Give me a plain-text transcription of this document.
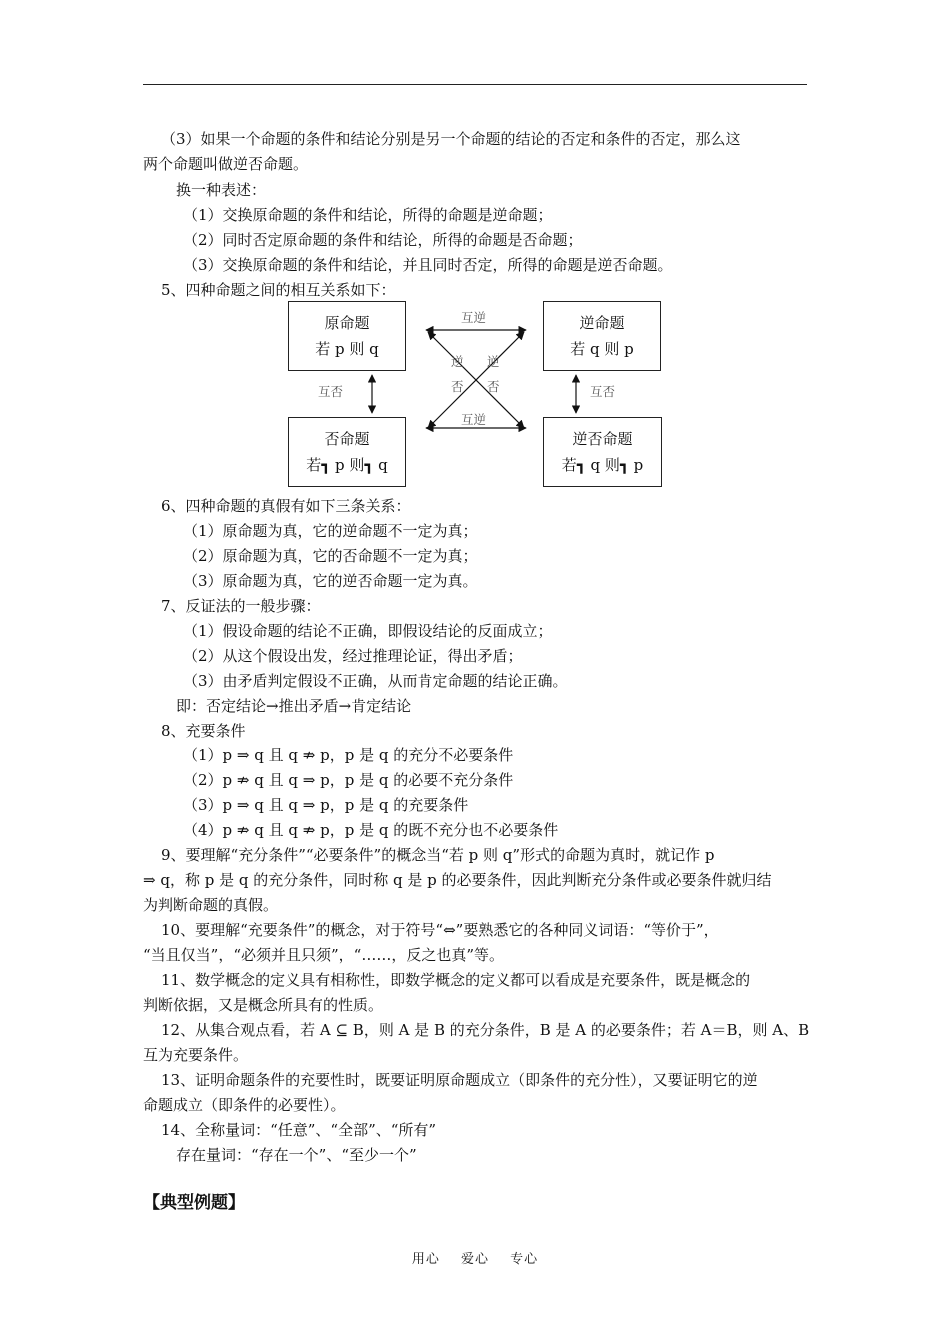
（3）如果一个命题的条件和结论分别是另一个命题的结论的否定和条件的否定，那么这
两个命题叫做逆否命题。
换一种表述：
（1）交换原命题的条件和结论，所得的命题是逆命题；
（2）同时否定原命题的条件和结论，所得的命题是否命题；
（3）交换原命题的条件和结论，并且同时否定，所得的命题是逆否命题。
5、四种命题之间的相互关系如下：
原命题
若 p 则 q
逆命题
若 q 则 p
否命题
若┓ p 则┓ q
逆否命题
若┓ q 则┓ p
互逆
互逆
互否	互否
逆 逆
否 否
6、四种命题的真假有如下三条关系：
（1）原命题为真，它的逆命题不一定为真；
（2）原命题为真，它的否命题不一定为真；
（3）原命题为真，它的逆否命题一定为真。
7、反证法的一般步骤：
（1）假设命题的结论不正确，即假设结论的反面成立；
（2）从这个假设出发，经过推理论证，得出矛盾；
（3）由矛盾判定假设不正确，从而肯定命题的结论正确。
即：否定结论→推出矛盾→肯定结论
8、充要条件
（1）p ⇒ q 且 q ⇏ p，p 是 q 的充分不必要条件
（2）p ⇏ q 且 q ⇒ p，p 是 q 的必要不充分条件
（3）p ⇒ q 且 q ⇒ p，p 是 q 的充要条件
（4）p ⇏ q 且 q ⇏ p，p 是 q 的既不充分也不必要条件
9、要理解“充分条件”“必要条件”的概念当“若 p 则 q”形式的命题为真时，就记作 p
⇒ q，称 p 是 q 的充分条件，同时称 q 是 p 的必要条件，因此判断充分条件或必要条件就归结
为判断命题的真假。
10、要理解“充要条件”的概念，对于符号“⇔”要熟悉它的各种同义词语：“等价于”，
“当且仅当”，“必须并且只须”，“……，反之也真”等。
11、数学概念的定义具有相称性，即数学概念的定义都可以看成是充要条件，既是概念的
判断依据，又是概念所具有的性质。
12、从集合观点看，若 A ⊆ B，则 A 是 B 的充分条件，B 是 A 的必要条件；若 A＝B，则 A、B
互为充要条件。
13、证明命题条件的充要性时，既要证明原命题成立（即条件的充分性），又要证明它的逆
命题成立（即条件的必要性）。
14、全称量词：“任意”、“全部”、“所有”
存在量词：“存在一个”、“至少一个”
【典型例题】
用心 爱心 专心
